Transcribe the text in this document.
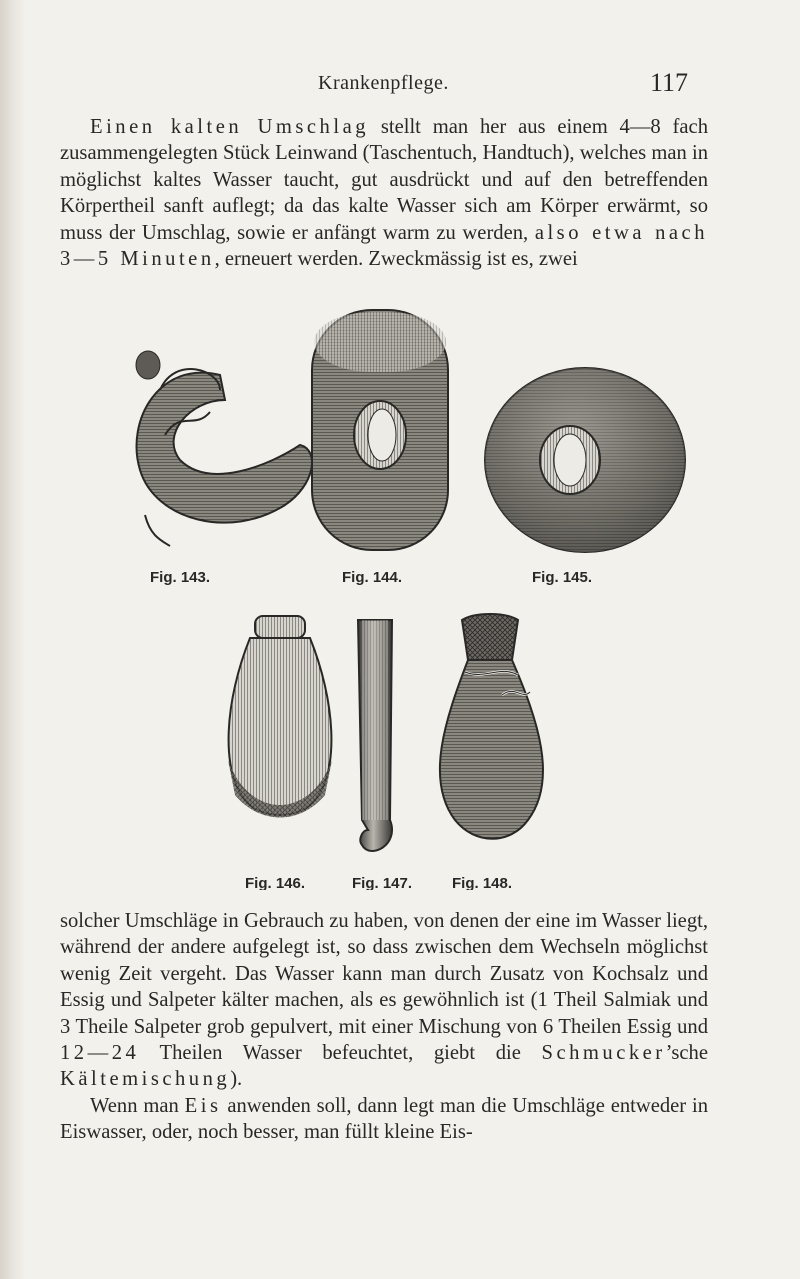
Krankenpflege.	117

Einen kalten Umschlag stellt man her aus einem 4—8 fach zusammengelegten Stück Leinwand (Taschentuch, Handtuch), welches man in möglichst kaltes Wasser taucht, gut ausdrückt und auf den betreffenden Körpertheil sanft auflegt; da das kalte Wasser sich am Körper erwärmt, so muss der Umschlag, sowie er anfängt warm zu werden, also etwa nach 3—5 Minuten, erneuert werden. Zweckmässig ist es, zwei

Fig. 143.	Fig. 144.	Fig. 145.
Fig. 146.	Fig. 147.	Fig. 148.

solcher Umschläge in Gebrauch zu haben, von denen der eine im Wasser liegt, während der andere aufgelegt ist, so dass zwischen dem Wechseln möglichst wenig Zeit vergeht. Das Wasser kann man durch Zusatz von Kochsalz und Essig und Salpeter kälter machen, als es gewöhnlich ist (1 Theil Salmiak und 3 Theile Salpeter grob gepulvert, mit einer Mischung von 6 Theilen Essig und 12—24 Theilen Wasser befeuchtet, giebt die Schmucker’sche Kältemischung).

Wenn man Eis anwenden soll, dann legt man die Umschläge entweder in Eiswasser, oder, noch besser, man füllt kleine Eis-
